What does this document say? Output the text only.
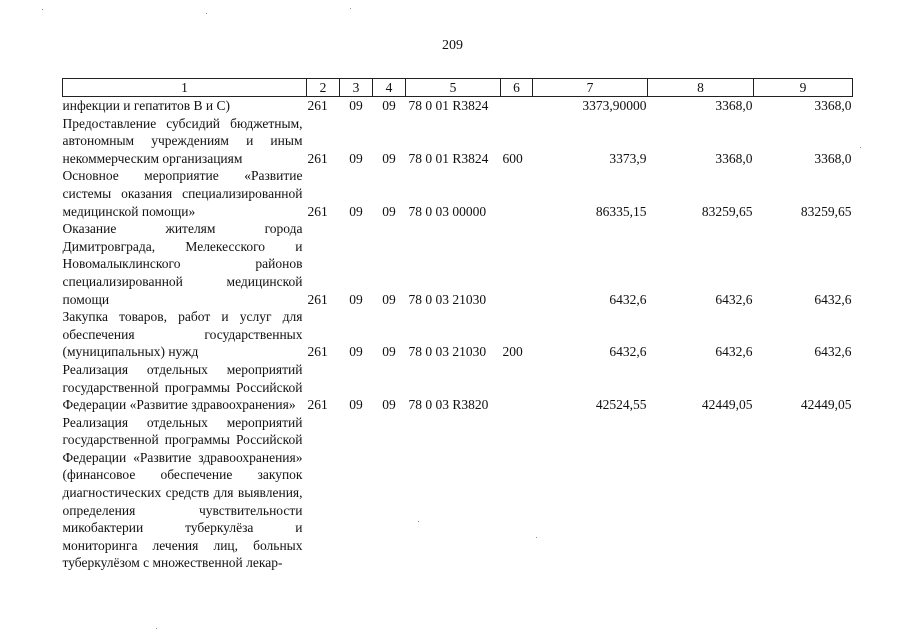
209
1	2	3	4	5	6	7	8	9
инфекции и гепатитов В и С)	261	09	09	78 0 01 R3824		3373,90000	3368,0	3368,0
Предоставление субсидий бюджетным, автономным учреждениям и иным некоммерческим организациям	261	09	09	78 0 01 R3824	600	3373,9	3368,0	3368,0
Основное мероприятие «Развитие системы оказания специализированной медицинской помощи»	261	09	09	78 0 03 00000		86335,15	83259,65	83259,65
Оказание жителям города Димитровграда, Мелекесского и Новомалыклинского районов специализированной медицинской помощи	261	09	09	78 0 03 21030		6432,6	6432,6	6432,6
Закупка товаров, работ и услуг для обеспечения государственных (муниципальных) нужд	261	09	09	78 0 03 21030	200	6432,6	6432,6	6432,6
Реализация отдельных мероприятий государственной программы Российской Федерации «Развитие здравоохранения»	261	09	09	78 0 03 R3820		42524,55	42449,05	42449,05
Реализация отдельных мероприятий государственной программы Российской Федерации «Развитие здравоохранения» (финансовое обеспечение закупок диагностических средств для выявления, определения чувствительности микобактерии туберкулёза и мониторинга лечения лиц, больных туберкулёзом с множественной лекар-								
